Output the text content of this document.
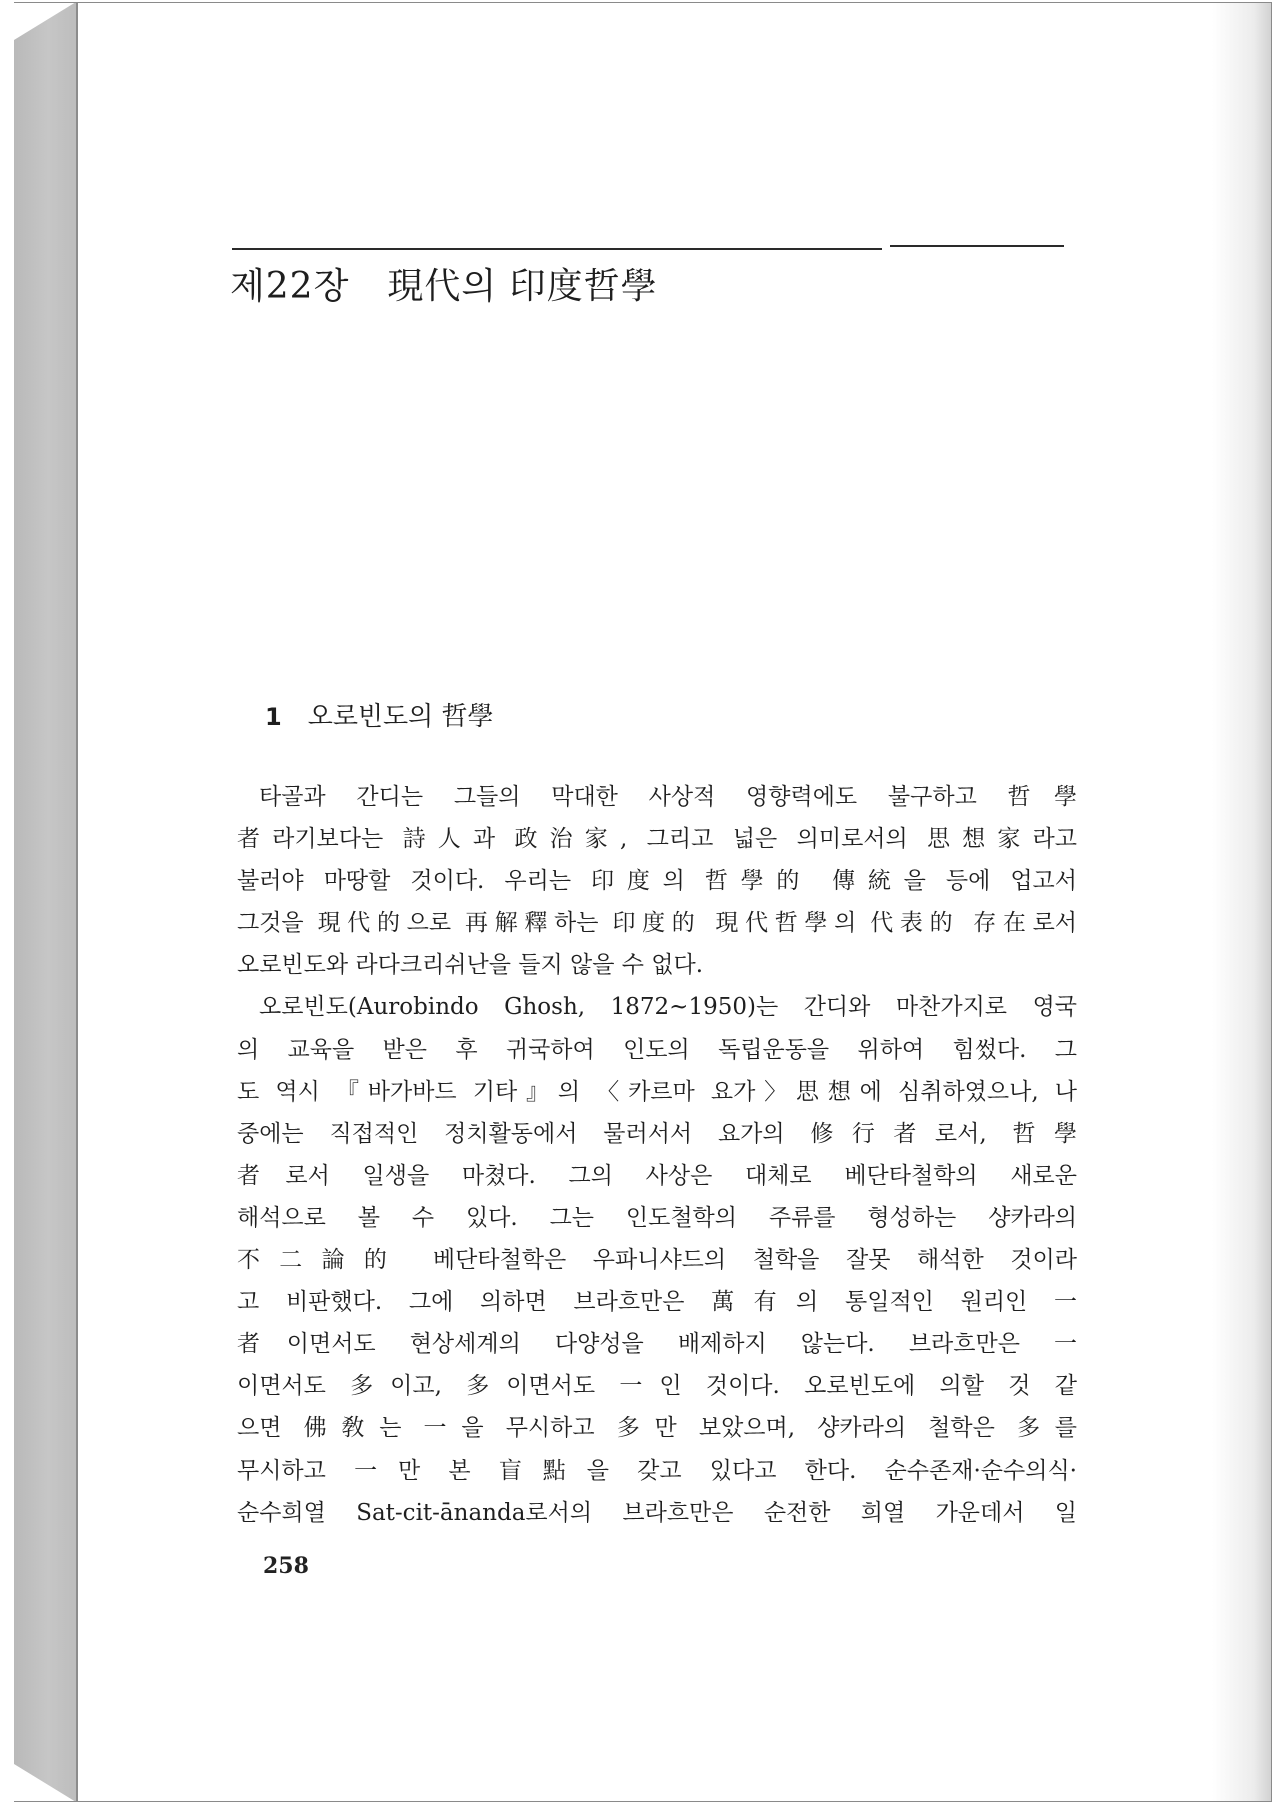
제22장 現代의 印度哲學
1 오로빈도의 哲學
타골과 간디는 그들의 막대한 사상적 영향력에도 불구하고 哲學
者라기보다는 詩人과 政治家, 그리고 넓은 의미로서의 思想家라고
불러야 마땅할 것이다. 우리는 印度의 哲學的 傳統을 등에 업고서
그것을 現代的으로 再解釋하는 印度的 現代哲學의 代表的 存在로서
오로빈도와 라다크리쉬난을 들지 않을 수 없다.
오로빈도(Aurobindo Ghosh, 1872~1950)는 간디와 마찬가지로 영국
의 교육을 받은 후 귀국하여 인도의 독립운동을 위하여 힘썼다. 그
도 역시 『바가바드 기타』의 〈카르마 요가〉思想에 심취하였으나, 나
중에는 직접적인 정치활동에서 물러서서 요가의 修行者로서, 哲學
者로서 일생을 마쳤다. 그의 사상은 대체로 베단타철학의 새로운
해석으로 볼 수 있다. 그는 인도철학의 주류를 형성하는 샹카라의
不二論的 베단타철학은 우파니샤드의 철학을 잘못 해석한 것이라
고 비판했다. 그에 의하면 브라흐만은 萬有의 통일적인 원리인 一
者이면서도 현상세계의 다양성을 배제하지 않는다. 브라흐만은 一
이면서도 多이고, 多이면서도 一인 것이다. 오로빈도에 의할 것 같
으면 佛敎는 一을 무시하고 多만 보았으며, 샹카라의 철학은 多를
무시하고 一만 본 盲點을 갖고 있다고 한다. 순수존재·순수의식·
순수희열 Sat-cit-ānanda로서의 브라흐만은 순전한 희열 가운데서 일
258
